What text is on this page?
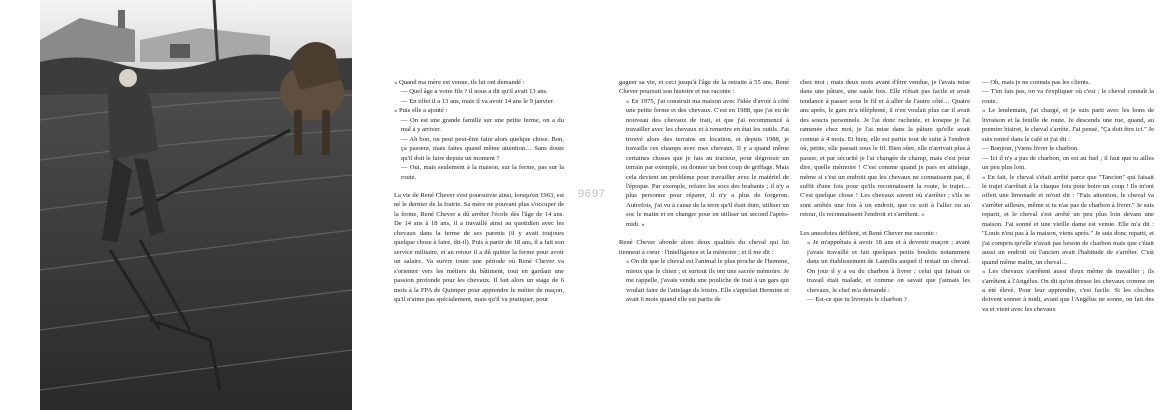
« Quand ma mère est venue, ils lui ont demandé :

— Quel âge a votre fils ? il nous a dit qu'il avait 13 ans.

— En effet il a 13 ans, mais il va avoir 14 ans le 9 janvier.

« Puis elle a ajouté :

— On est une grande famille sur une petite ferme, on a du mal à y arriver.

— Ah bon, on peut peut-être faire alors quelque chose. Bon, ça passera, mais faites quand même attention… Sans doute qu'il doit le faire depuis un moment ?

— Oui, mais seulement à la maison, sur la ferme, pas sur la route.

La vie de René Chever s'est poursuivie ainsi, lorsqu'en 1963, est né le dernier de la fratrie. Sa mère ne pouvant plus s'occuper de la ferme, René Chever a dû arrêter l'école dès l'âge de 14 ans. De 14 ans à 18 ans, il a travaillé ainsi au quotidien avec les chevaux dans la ferme de ses parents (il y avait toujours quelque chose à faire, dit-il). Puis à partir de 18 ans, il a fait son service militaire, et au retour il a dû quitter la ferme pour avoir un salaire. Va suivre toute une période où René Chever va s'orienter vers les métiers du bâtiment, tout en gardant une passion profonde pour les chevaux. Il fait alors un stage de 6 mois à la FPA de Quimper pour apprendre le métier de maçon, qu'il n'aime pas spécialement, mais qu'il va pratiquer, pour

96 97

gagner sa vie, et ceci jusqu'à l'âge de la retraite à 55 ans. René Chever poursuit son histoire et me raconte :

« En 1975, j'ai construit ma maison avec l'idée d'avoir à côté une petite ferme et des chevaux. C'est en 1988, que j'ai eu de nouveau des chevaux de trait, et que j'ai recommencé à travailler avec les chevaux et à remettre en état les outils. J'ai trouvé alors des terrains en location, et depuis 1988, je travaille ces champs avec mes chevaux. Il y a quand même certaines choses que je fais au tracteur, pour dégrossir un terrain par exemple, ou donner un bon coup de griffage. Mais cela devient un problème pour travailler avec le matériel de l'époque. Par exemple, refaire les socs des brabants ; il n'y a plus personne pour réparer, il n'y a plus de forgeron. Autrefois, j'ai vu à cause de la terre qu'il était dure, utiliser un soc le matin et en changer pour en utiliser un second l'après-midi. »

René Chever aborde alors deux qualités du cheval qui lui tiennent à cœur : l'intelligence et la mémoire ; et il me dit :

« On dit que le cheval est l'animal le plus proche de l'homme, mieux que le chien ; et surtout ils ont une sacrée mémoire. Je me rappelle, j'avais vendu une pouliche de trait à un gars qui voulait faire de l'attelage de loisirs. Elle s'appelait Hermine et avait 6 mois quand elle est partie de

chez moi ; mais deux mois avant d'être vendue, je l'avais mise dans une pâture, une saule fois. Elle n'était pas facile et avait tendance à passer sous le fil et à aller de l'autre côté… Quatre ans après, le gars m'a téléphoné, il n'en voulait plus car il avait des soucis personnels. Je l'ai donc rachetée, et lorsque je l'ai ramenée chez moi, je l'ai mise dans la pâture qu'elle avait connue à 4 mois. Et bien, elle est partie tout de suite à l'endroit où, petite, elle passait sous le fil. Bien sûre, elle n'arrivait plus à passer, et par sécurité je l'ai changée de champ, mais c'est pour dire, quelle mémoire ! C'est comme quand je pars en attelage, même si c'est un endroit que les chevaux ne connaissent pas, il suffit d'une fois pour qu'ils reconnaissent la route, le trajet… C'est quelque chose ! Les chevaux savent où s'arrêter ; s'ils se sont arrêtés une fois à un endroit, que ce soit à l'aller ou au retour, ils reconnaissent l'endroit et s'arrêtent. »

Les anecdotes défilent, et René Chever me raconte :

« Je m'apprêtais à avoir 18 ans et à devenir maçon ; avant j'avais travaillé et fait quelques petits boulots notamment dans un établissement de Lannilis auquel il restait un cheval. On jour il y a eu du charbon à livrer ; celui qui faisait ce travail était malade, et comme on savait que j'aimais les chevaux, le chef m'a demandé :

— Est-ce que tu livrerais le charbon ?

— Oh, mais je ne connais pas les clients.

— T'en fais pas, on va t'expliquer où c'est ; le cheval connaît la route.

« Le lendemain, j'ai chargé, et je suis parti avec les bons de livraison et la feuille de route. Je descends une rue, quand, au premier bistrot, le cheval s'arrête. J'ai pensé, "Ça doit être ici." Je suis rentré dans le café et j'ai dit :

— Bonjour, j'viens livrer le charbon.

— Ici il n'y a pas de charbon, on est au fuel ; il faut que tu ailles un peu plus loin.

« En fait, le cheval s'était arrêté parce que "Tancien" qui faisait le trajet s'arrêtait à la chaque fois pour boire un coup ! Ils m'ont offert une limonade et m'ont dit : "Fais attention, le cheval va s'arrêter ailleurs, même si tu n'as pas de charbon à livrer." Je suis reparti, et le cheval s'est arrêté un peu plus loin devant une maison. J'ai sonné et une vieille dame est venue. Elle m'a dit : "Louis n'est pas à la maison, viens après." Je suis donc reparti, et j'ai compris qu'elle n'avait pas besoin de charbon mais que c'était aussi un endroit où l'ancien avait l'habitude de s'arrêter. C'est quand même malin, un cheval…

« Les chevaux s'arrêtent aussi d'eux même de travailler ; ils s'arrêtent à l'Angélus. On dit qu'on dresse les chevaux comme on a été élevé. Pour leur apprendre, c'est facile. Si les cloches doivent sonner à midi, avant que l'Angélus ne sonne, on fait des va et vient avec les chevaux
